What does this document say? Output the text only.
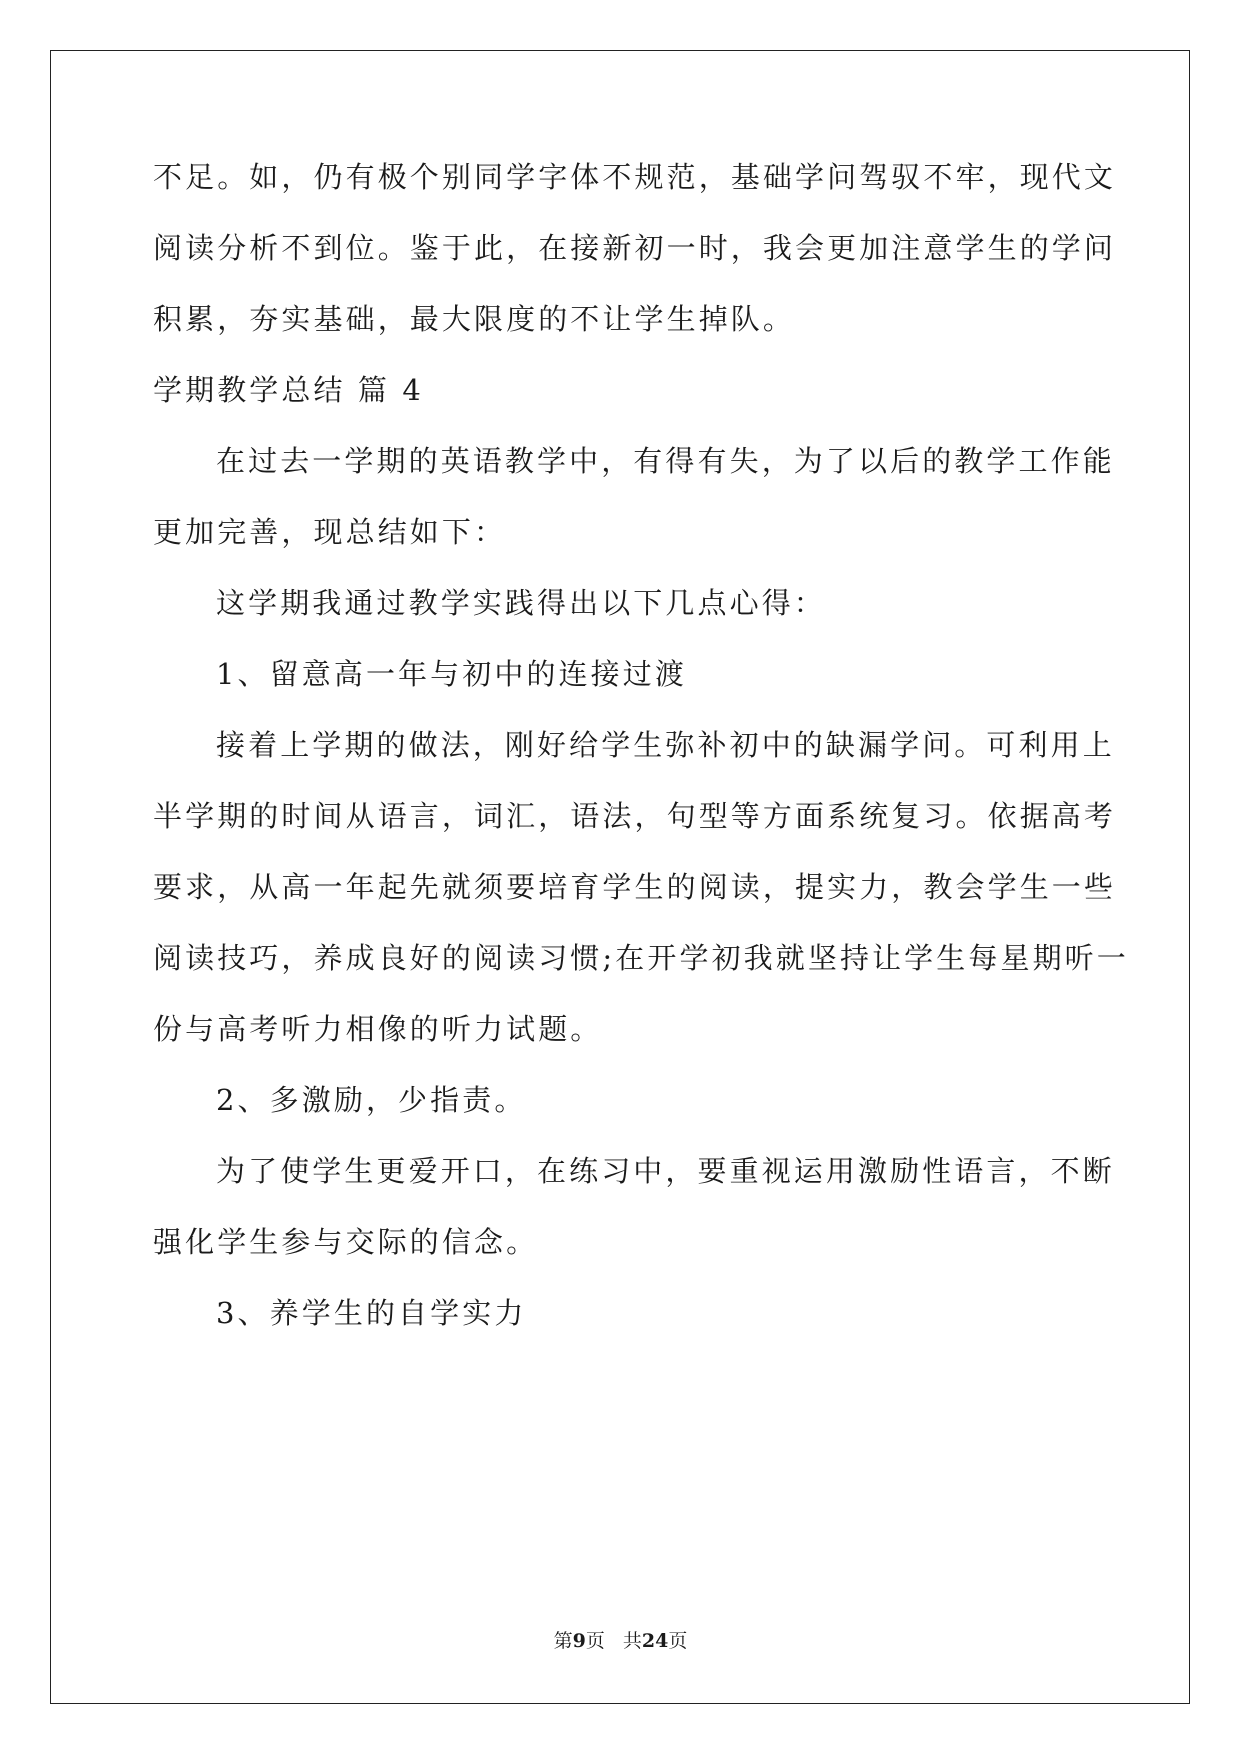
不足。如，仍有极个别同学字体不规范，基础学问驾驭不牢，现代文
阅读分析不到位。鉴于此，在接新初一时，我会更加注意学生的学问
积累，夯实基础，最大限度的不让学生掉队。
学期教学总结 篇 4
在过去一学期的英语教学中，有得有失，为了以后的教学工作能
更加完善，现总结如下：
这学期我通过教学实践得出以下几点心得：
1、留意高一年与初中的连接过渡
接着上学期的做法，刚好给学生弥补初中的缺漏学问。可利用上
半学期的时间从语言，词汇，语法，句型等方面系统复习。依据高考
要求，从高一年起先就须要培育学生的阅读，提实力，教会学生一些
阅读技巧，养成良好的阅读习惯;在开学初我就坚持让学生每星期听一
份与高考听力相像的听力试题。
2、多激励，少指责。
为了使学生更爱开口，在练习中，要重视运用激励性语言，不断
强化学生参与交际的信念。
3、养学生的自学实力
第9页 共24页
